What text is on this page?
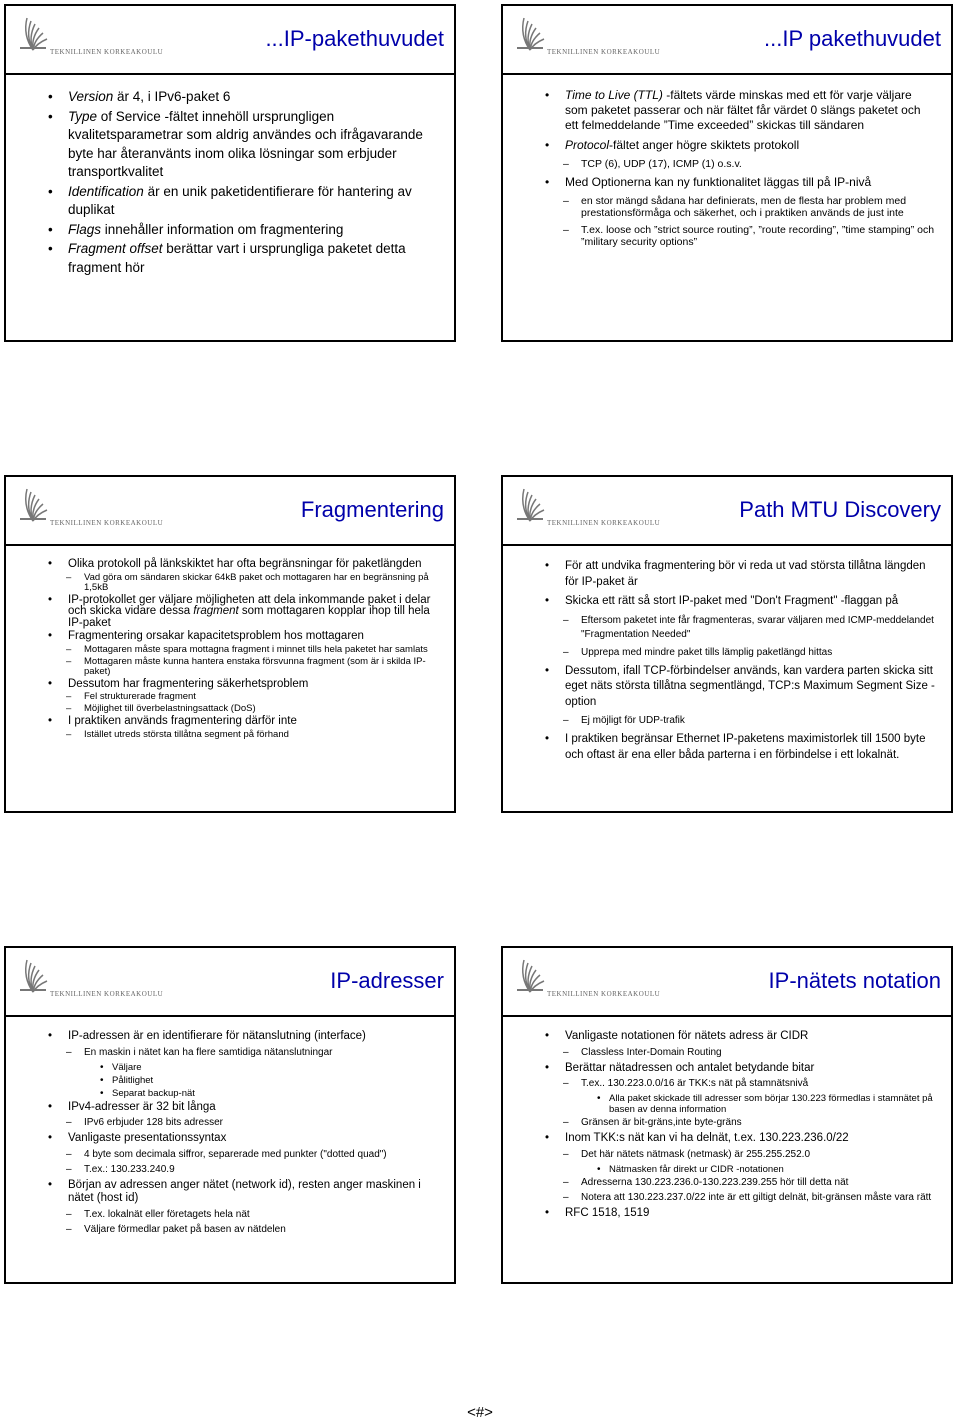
TEKNILLINEN KORKEAKOULU
...IP-pakethuvudet
• Version är 4, i IPv6-paket 6
• Type of Service -fältet innehöll ursprungligen kvalitetsparametrar som aldrig användes och ifrågavarande byte har återanvänts inom olika lösningar som erbjuder transportkvalitet
• Identification är en unik paketidentifierare för hantering av duplikat
• Flags innehåller information om fragmentering
• Fragment offset berättar vart i ursprungliga paketet detta fragment hör
TEKNILLINEN KORKEAKOULU
...IP pakethuvudet
• Time to Live (TTL) -fältets värde minskas med ett för varje väljare som paketet passerar och när fältet får värdet 0 slängs paketet och ett felmeddelande ”Time exceeded” skickas till sändaren
• Protocol-fältet anger högre skiktets protokoll
– TCP (6), UDP (17), ICMP (1) o.s.v.
• Med Optionerna kan ny funktionalitet läggas till på IP-nivå
– en stor mängd sådana har definierats, men de flesta har problem med prestationsförmåga och säkerhet, och i praktiken används de just inte
– T.ex. loose och ”strict source routing”, ”route recording”, ”time stamping” och ”military security options”
TEKNILLINEN KORKEAKOULU
Fragmentering
• Olika protokoll på länkskiktet har ofta begränsningar för paketlängden
– Vad göra om sändaren skickar 64kB paket och mottagaren har en begränsning på 1,5kB
• IP-protokollet ger väljare möjligheten att dela inkommande paket i delar och skicka vidare dessa fragment som mottagaren kopplar ihop till hela IP-paket
• Fragmentering orsakar kapacitetsproblem hos mottagaren
– Mottagaren måste spara mottagna fragment i minnet tills hela paketet har samlats
– Mottagaren måste kunna hantera enstaka försvunna fragment (som är i skilda IP-paket)
• Dessutom har fragmentering säkerhetsproblem
– Fel strukturerade fragment
– Möjlighet till överbelastningsattack (DoS)
• I praktiken används fragmentering därför inte
– Istället utreds största tillåtna segment på förhand
TEKNILLINEN KORKEAKOULU
Path MTU Discovery
• För att undvika fragmentering bör vi reda ut vad största tillåtna längden för IP-paket är
• Skicka ett rätt så stort IP-paket med "Don't Fragment" -flaggan på
– Eftersom paketet inte får fragmenteras, svarar väljaren med ICMP-meddelandet "Fragmentation Needed"
– Upprepa med mindre paket tills lämplig paketlängd hittas
• Dessutom, ifall TCP-förbindelser används, kan vardera parten skicka sitt eget näts största tillåtna segmentlängd, TCP:s Maximum Segment Size -option
– Ej möjligt för UDP-trafik
• I praktiken begränsar Ethernet IP-paketens maximistorlek till 1500 byte och oftast är ena eller båda parterna i en förbindelse i ett lokalnät.
TEKNILLINEN KORKEAKOULU
IP-adresser
• IP-adressen är en identifierare för nätanslutning (interface)
– En maskin i nätet kan ha flere samtidiga nätanslutningar
• Väljare
• Pålitlighet
• Separat backup-nät
• IPv4-adresser är 32 bit långa
– IPv6 erbjuder 128 bits adresser
• Vanligaste presentationssyntax
– 4 byte som decimala siffror, separerade med punkter ("dotted quad")
– T.ex.: 130.233.240.9
• Början av adressen anger nätet (network id), resten anger maskinen i nätet (host id)
– T.ex. lokalnät eller företagets hela nät
– Väljare förmedlar paket på basen av nätdelen
TEKNILLINEN KORKEAKOULU
IP-nätets notation
• Vanligaste notationen för nätets adress är CIDR
– Classless Inter-Domain Routing
• Berättar nätadressen och antalet betydande bitar
– T.ex.. 130.223.0.0/16 är TKK:s nät på stamnätsnivå
• Alla paket skickade till adresser som börjar 130.223 förmedlas i stamnätet på basen av denna information
– Gränsen är bit-gräns,inte byte-gräns
• Inom TKK:s nät kan vi ha delnät, t.ex. 130.223.236.0/22
– Det här nätets nätmask (netmask) är 255.255.252.0
• Nätmasken får direkt ur CIDR -notationen
– Adresserna 130.223.236.0-130.223.239.255 hör till detta nät
– Notera att 130.223.237.0/22 inte är ett giltigt delnät, bit-gränsen måste vara rätt
• RFC 1518, 1519
<#>
